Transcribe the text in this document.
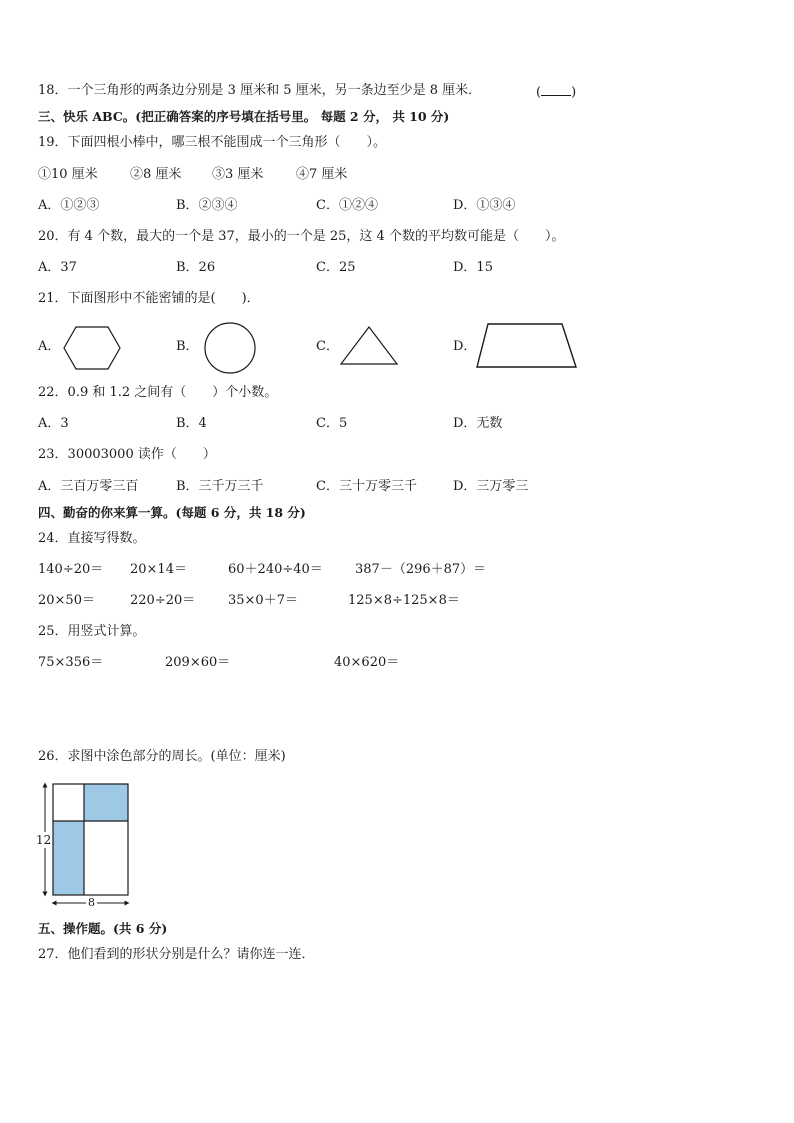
18．一个三角形的两条边分别是 3 厘米和 5 厘米，另一条边至少是 8 厘米．	( )
三、快乐 ABC。(把正确答案的序号填在括号里。 每题 2 分， 共 10 分)
19．下面四根小棒中，哪三根不能围成一个三角形（　　）。
①10 厘米 ②8 厘米 ③3 厘米	④7 厘米
A．①②③	B．②③④	C．①②④	D．①③④
20．有 4 个数，最大的一个是 37，最小的一个是 25，这 4 个数的平均数可能是（　　）。
A．37	B．26	C．25	D．15
21．下面图形中不能密铺的是(　　)．
A．	B．	C．	D．
22．0.9 和 1.2 之间有（　　）个小数。
A．3	B．4	C．5	D．无数
23．30003000 读作（　　）
A．三百万零三百	B．三千万三千	C．三十万零三千	D．三万零三
四、勤奋的你来算一算。(每题 6 分，共 18 分)
24．直接写得数。
140÷20＝ 20×14＝	60＋240÷40＝ 387－（296＋87）＝
20×50＝	220÷20＝	35×0＋7＝	125×8÷125×8＝
25．用竖式计算。
75×356＝	209×60＝	40×620＝
26．求图中涂色部分的周长。(单位：厘米)
12
8
五、操作题。(共 6 分)
27．他们看到的形状分别是什么？请你连一连．
